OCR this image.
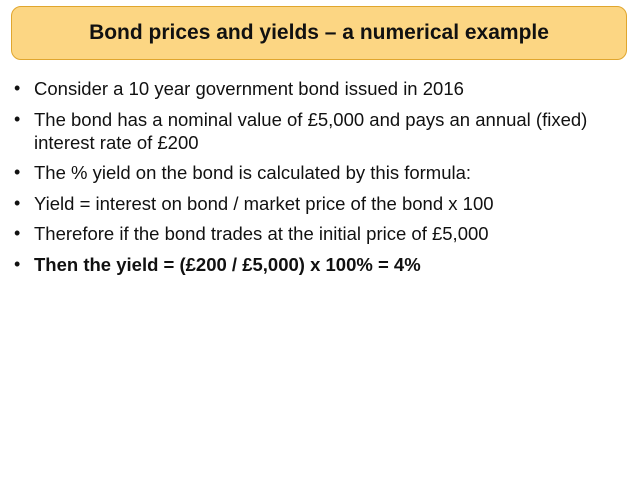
Bond prices and yields – a numerical example
• Consider a 10 year government bond issued in 2016
• The bond has a nominal value of £5,000 and pays an annual (fixed) interest rate of £200
• The % yield on the bond is calculated by this formula:
• Yield = interest on bond / market price of the bond x 100
• Therefore if the bond trades at the initial price of £5,000
• Then the yield = (£200 / £5,000) x 100% = 4%
